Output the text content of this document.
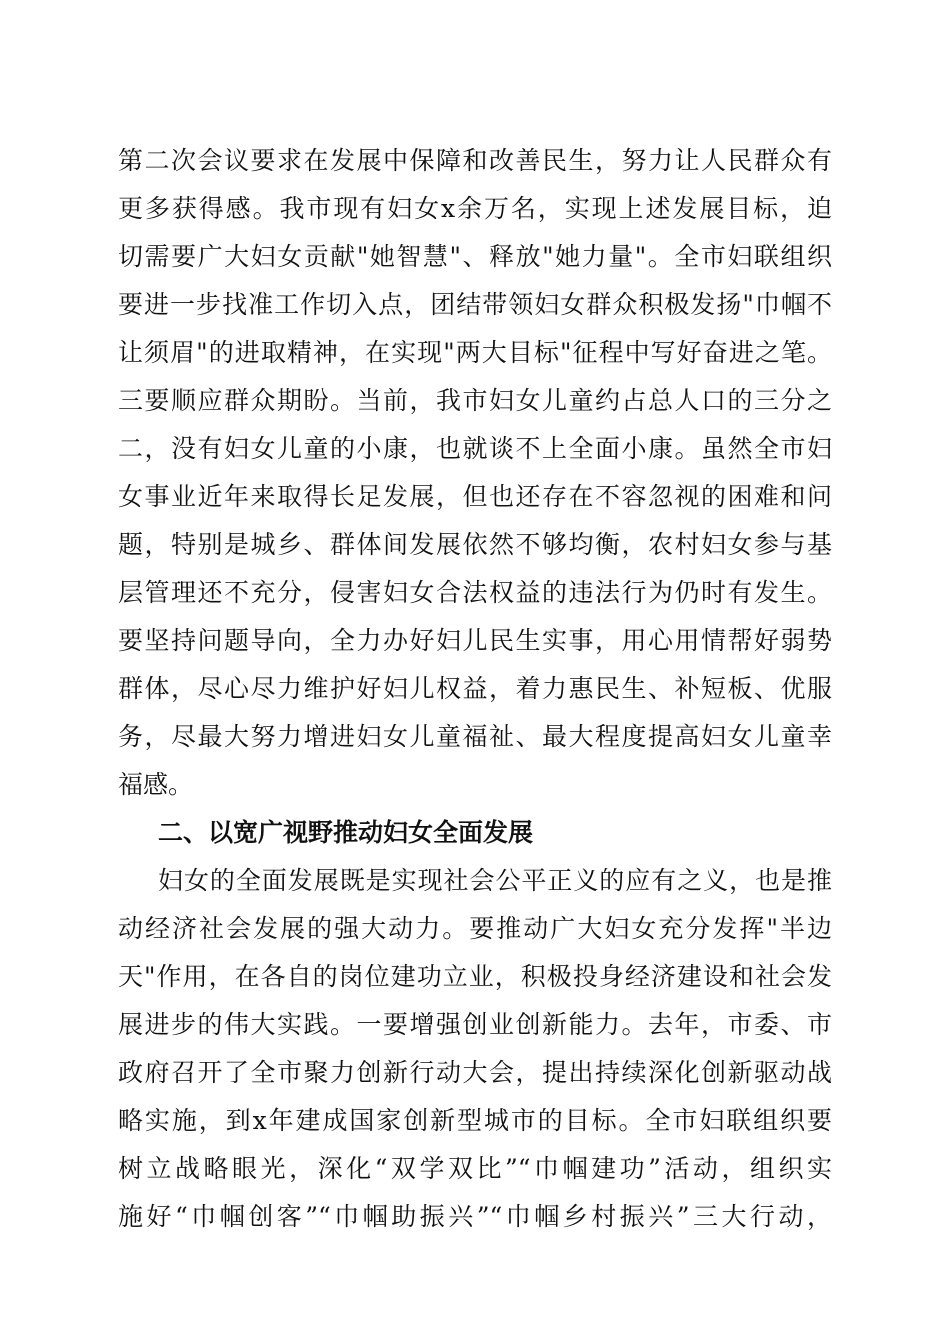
第二次会议要求在发展中保障和改善民生，努力让人民群众有
更多获得感。我市现有妇女x余万名，实现上述发展目标，迫
切需要广大妇女贡献"她智慧"、释放"她力量"。全市妇联组织
要进一步找准工作切入点，团结带领妇女群众积极发扬"巾帼不
让须眉"的进取精神，在实现"两大目标"征程中写好奋进之笔。
三要顺应群众期盼。当前，我市妇女儿童约占总人口的三分之
二，没有妇女儿童的小康，也就谈不上全面小康。虽然全市妇
女事业近年来取得长足发展，但也还存在不容忽视的困难和问
题，特别是城乡、群体间发展依然不够均衡，农村妇女参与基
层管理还不充分，侵害妇女合法权益的违法行为仍时有发生。
要坚持问题导向，全力办好妇儿民生实事，用心用情帮好弱势
群体，尽心尽力维护好妇儿权益，着力惠民生、补短板、优服
务，尽最大努力增进妇女儿童福祉、最大程度提高妇女儿童幸
福感。
二、以宽广视野推动妇女全面发展
妇女的全面发展既是实现社会公平正义的应有之义，也是推
动经济社会发展的强大动力。要推动广大妇女充分发挥"半边
天"作用，在各自的岗位建功立业，积极投身经济建设和社会发
展进步的伟大实践。一要增强创业创新能力。去年，市委、市
政府召开了全市聚力创新行动大会，提出持续深化创新驱动战
略实施，到x年建成国家创新型城市的目标。全市妇联组织要
树立战略眼光，深化“双学双比”“巾帼建功”活动，组织实
施好“巾帼创客”“巾帼助振兴”“巾帼乡村振兴”三大行动，
